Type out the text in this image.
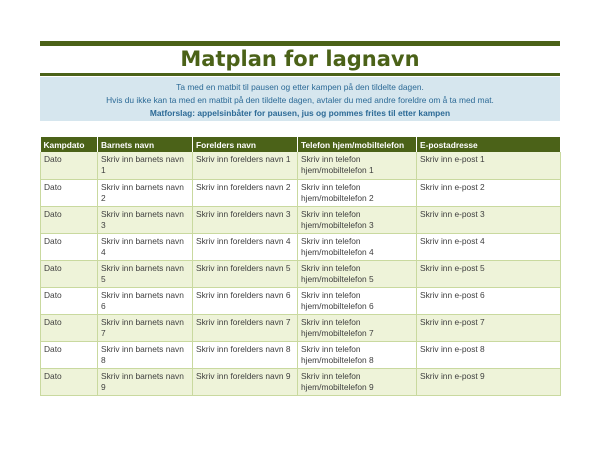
Matplan for lagnavn
Ta med en matbit til pausen og etter kampen på den tildelte dagen.
Hvis du ikke kan ta med en matbit på den tildelte dagen, avtaler du med andre foreldre om å ta med mat.
Matforslag: appelsinbåter for pausen, jus og pommes frites til etter kampen
Kampdato	Barnets navn	Forelders navn	Telefon hjem/mobiltelefon	E-postadresse
Dato	Skriv inn barnets navn 1	Skriv inn forelders navn 1	Skriv inn telefon hjem/mobiltelefon 1	Skriv inn e-post 1
Dato	Skriv inn barnets navn 2	Skriv inn forelders navn 2	Skriv inn telefon hjem/mobiltelefon 2	Skriv inn e-post 2
Dato	Skriv inn barnets navn 3	Skriv inn forelders navn 3	Skriv inn telefon hjem/mobiltelefon 3	Skriv inn e-post 3
Dato	Skriv inn barnets navn 4	Skriv inn forelders navn 4	Skriv inn telefon hjem/mobiltelefon 4	Skriv inn e-post 4
Dato	Skriv inn barnets navn 5	Skriv inn forelders navn 5	Skriv inn telefon hjem/mobiltelefon 5	Skriv inn e-post 5
Dato	Skriv inn barnets navn 6	Skriv inn forelders navn 6	Skriv inn telefon hjem/mobiltelefon 6	Skriv inn e-post 6
Dato	Skriv inn barnets navn 7	Skriv inn forelders navn 7	Skriv inn telefon hjem/mobiltelefon 7	Skriv inn e-post 7
Dato	Skriv inn barnets navn 8	Skriv inn forelders navn 8	Skriv inn telefon hjem/mobiltelefon 8	Skriv inn e-post 8
Dato	Skriv inn barnets navn 9	Skriv inn forelders navn 9	Skriv inn telefon hjem/mobiltelefon 9	Skriv inn e-post 9
